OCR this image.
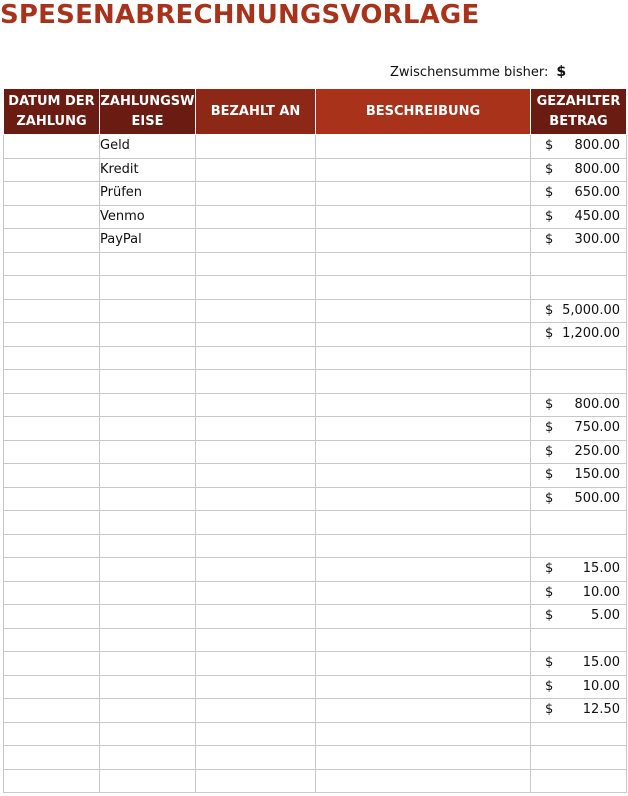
SPESENABRECHNUNGSVORLAGE
Zwischensumme bisher: $
DATUM DER ZAHLUNG	ZAHLUNGSWEISE	BEZAHLT AN	BESCHREIBUNG	GEZAHLTER BETRAG
	Geld			$ 800.00

	Kredit			$ 800.00

	Prüfen			$ 650.00

	Venmo			$ 450.00

	PayPal			$ 300.00

				$ 5,000.00

				$ 1,200.00

				$ 800.00

				$ 750.00

				$ 250.00

				$ 150.00

				$ 500.00

				$ 15.00

				$ 10.00

				$ 5.00

				$ 15.00

				$ 10.00

				$ 12.50
